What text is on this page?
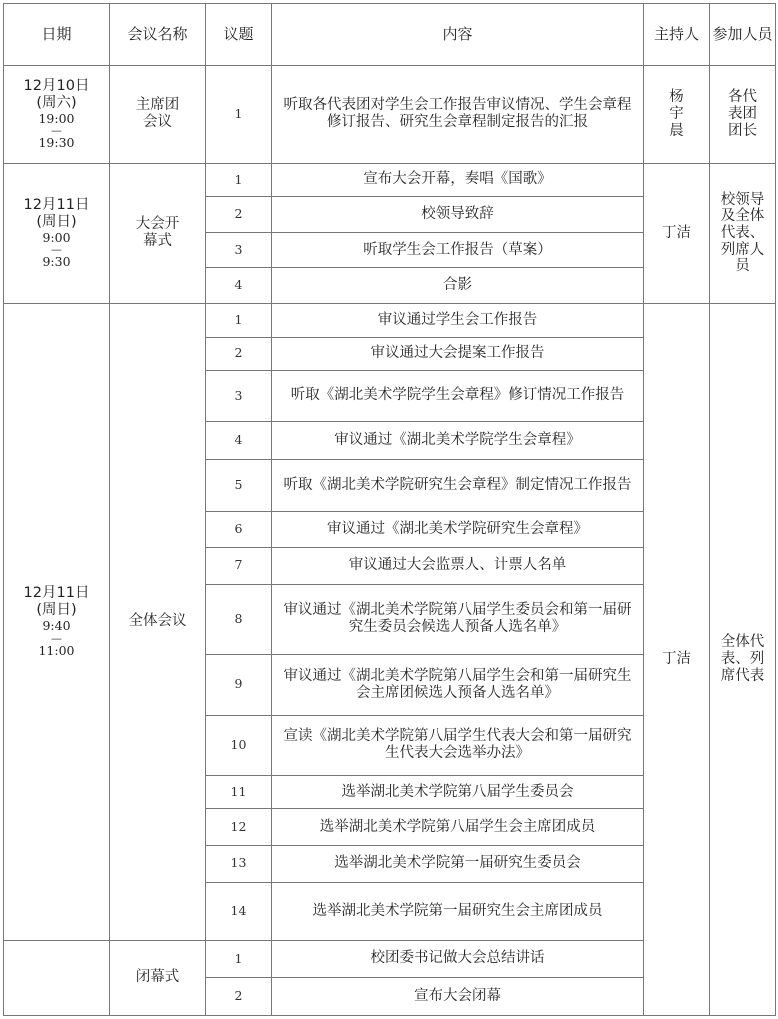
日期	会议名称	议题	内容	主持人	参加人员

12月10日
(周六)
19:00
—
19:30	主席团会议	1	听取各代表团对学生会工作报告审议情况、学生会章程修订报告、研究生会章程制定报告的汇报	杨宇晨	各代表团团长

12月11日
(周日)
9:00
—
9:30	大会开幕式	1	宣布大会开幕，奏唱《国歌》	丁洁	校领导及全体代表、列席人员

		2	校领导致辞		
		3	听取学生会工作报告（草案）		
		4	合影		

12月11日
(周日)
9:40
—
11:00	全体会议	1	审议通过学生会工作报告	丁洁	全体代表、列席代表

		2	审议通过大会提案工作报告		
		3	听取《湖北美术学院学生会章程》修订情况工作报告		
		4	审议通过《湖北美术学院学生会章程》		
		5	听取《湖北美术学院研究生会章程》制定情况工作报告		
		6	审议通过《湖北美术学院研究生会章程》		
		7	审议通过大会监票人、计票人名单		
		8	审议通过《湖北美术学院第八届学生委员会和第一届研究生委员会候选人预备人选名单》		
		9	审议通过《湖北美术学院第八届学生会和第一届研究生会主席团候选人预备人选名单》		
		10	宣读《湖北美术学院第八届学生代表大会和第一届研究生代表大会选举办法》		
		11	选举湖北美术学院第八届学生委员会		
		12	选举湖北美术学院第八届学生会主席团成员		
		13	选举湖北美术学院第一届研究生委员会		
		14	选举湖北美术学院第一届研究生会主席团成员		
	闭幕式	1	校团委书记做大会总结讲话		
		2	宣布大会闭幕		
